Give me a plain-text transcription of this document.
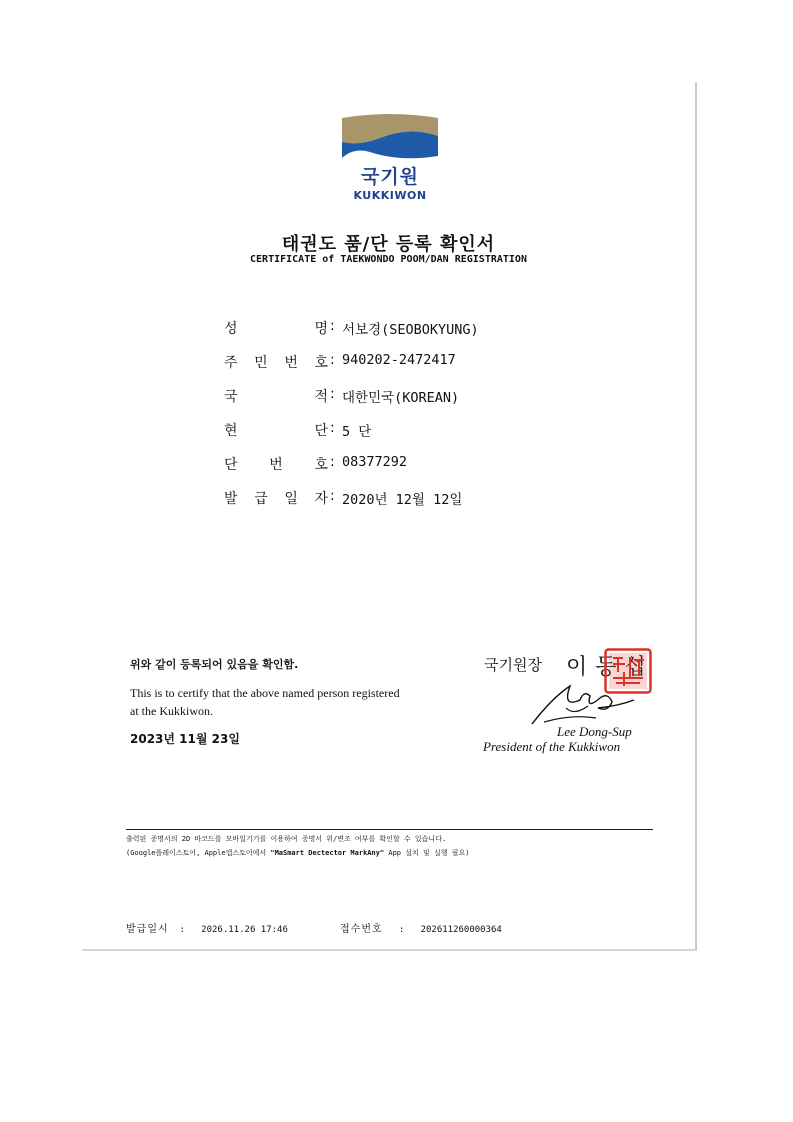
국기원
KUKKIWON
태권도 품/단 등록 확인서
CERTIFICATE of TAEKWONDO POOM/DAN REGISTRATION
성	명 : 서보경(SEOBOKYUNG)
주 민 번 호 : 940202-2472417
국	적 : 대한민국(KOREAN)
현	단 : 5 단
단 번 호 : 08377292
발 급 일 자 : 2020년 12월 12일
위와 같이 등록되어 있음을 확인함.
This is to certify that the above named person registered at the Kukkiwon.
2023년 11월 23일
국기원장 이동섭
Lee Dong-Sup
President of the Kukkiwon
출력된 증명서의 2D 바코드를 모바일기기를 이용하여 증명서 위/변조 여부를 확인할 수 있습니다.
(Google플레이스토어, Apple앱스토어에서 "MaSmart Dectector MarkAny" App 설치 및 실행 필요)
발급일시  :   2026.11.26 17:46	접수번호   :   202611260000364
